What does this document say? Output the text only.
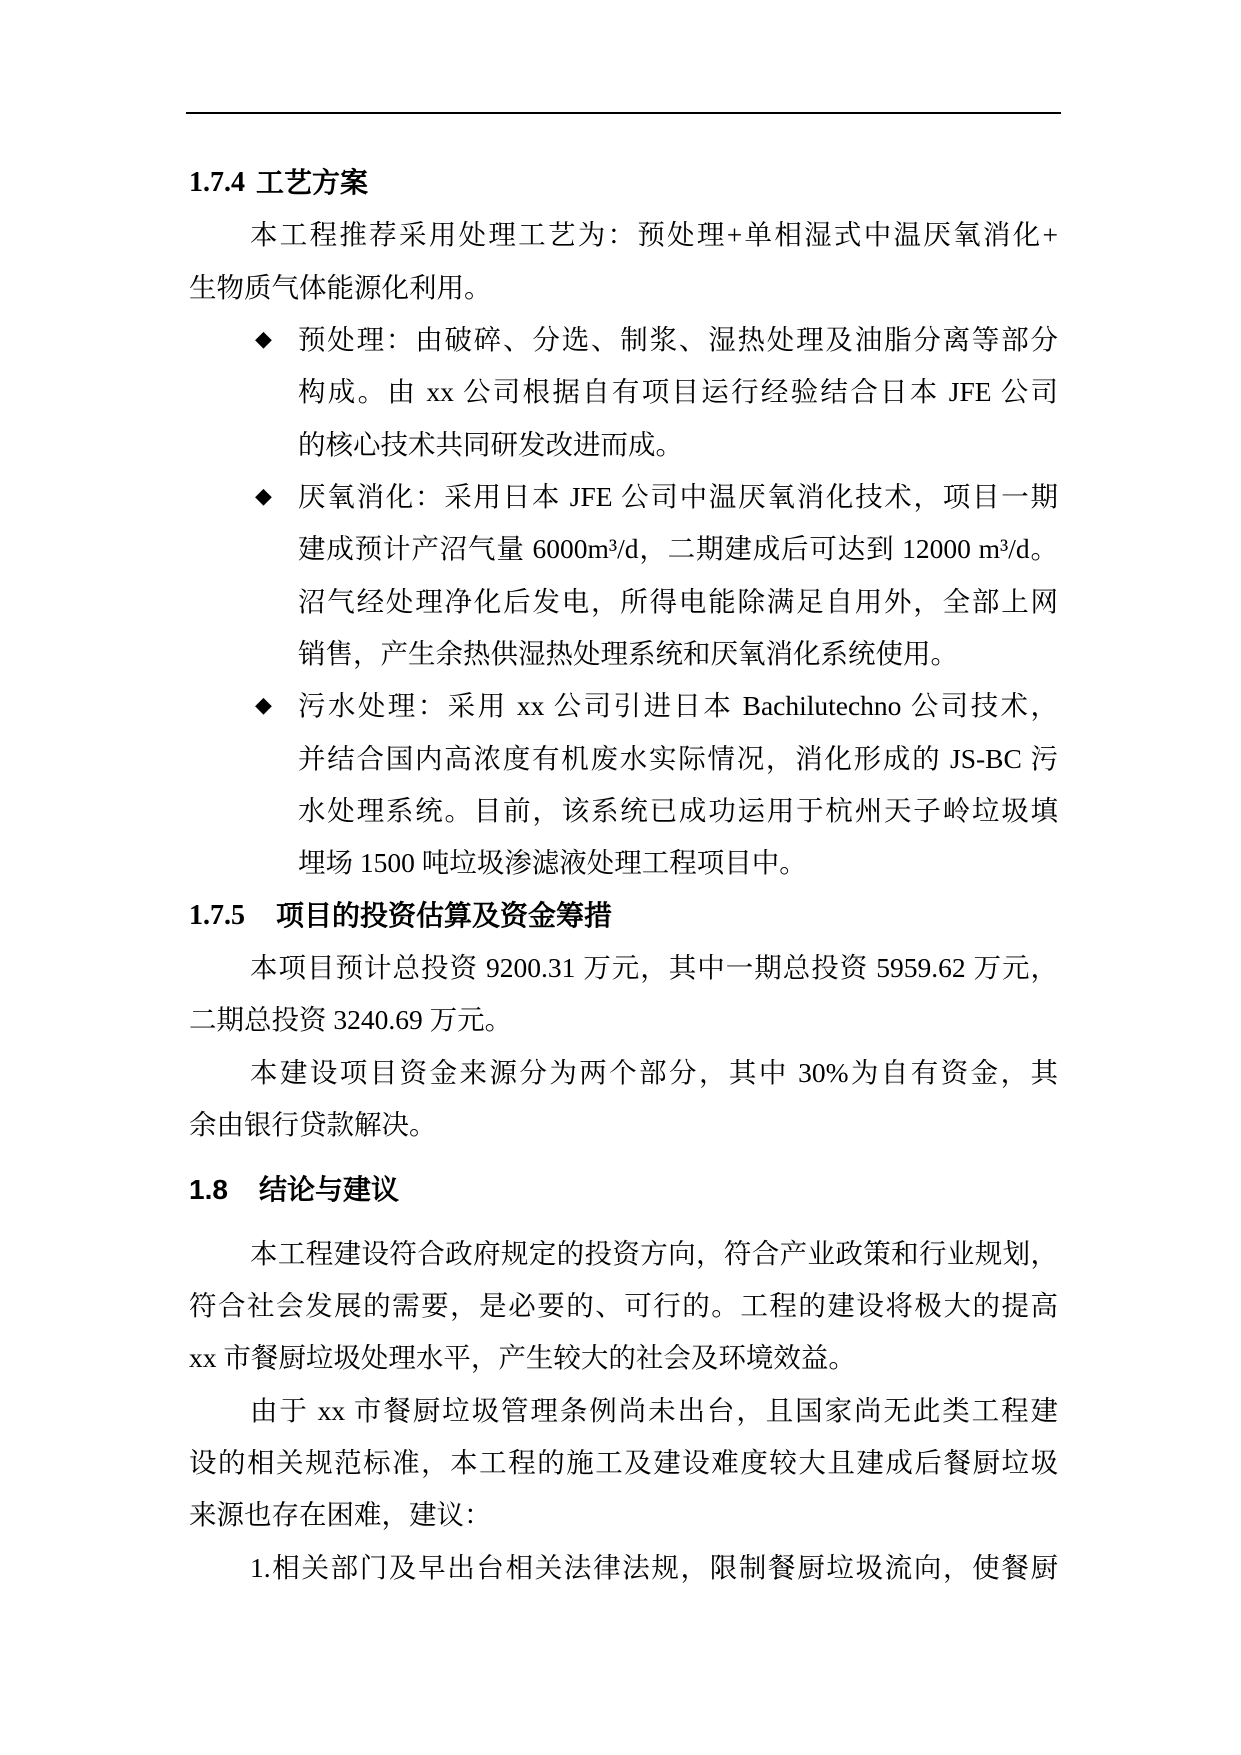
1.7.4 工艺方案
本工程推荐采用处理工艺为：预处理+单相湿式中温厌氧消化+
生物质气体能源化利用。
◆ 预处理：由破碎、分选、制浆、湿热处理及油脂分离等部分
构成。由 xx 公司根据自有项目运行经验结合日本 JFE 公司
的核心技术共同研发改进而成。
◆ 厌氧消化：采用日本 JFE 公司中温厌氧消化技术，项目一期
建成预计产沼气量 6000m³/d，二期建成后可达到 12000 m³/d。
沼气经处理净化后发电，所得电能除满足自用外，全部上网
销售，产生余热供湿热处理系统和厌氧消化系统使用。
◆ 污水处理：采用 xx 公司引进日本 Bachilutechno 公司技术，
并结合国内高浓度有机废水实际情况，消化形成的 JS-BC 污
水处理系统。目前，该系统已成功运用于杭州天子岭垃圾填
埋场 1500 吨垃圾渗滤液处理工程项目中。
1.7.5 项目的投资估算及资金筹措
本项目预计总投资 9200.31 万元，其中一期总投资 5959.62 万元，
二期总投资 3240.69 万元。
本建设项目资金来源分为两个部分，其中 30%为自有资金，其
余由银行贷款解决。
1.8 结论与建议
本工程建设符合政府规定的投资方向，符合产业政策和行业规划，
符合社会发展的需要，是必要的、可行的。工程的建设将极大的提高
xx 市餐厨垃圾处理水平，产生较大的社会及环境效益。
由于 xx 市餐厨垃圾管理条例尚未出台，且国家尚无此类工程建
设的相关规范标准，本工程的施工及建设难度较大且建成后餐厨垃圾
来源也存在困难，建议：
1.相关部门及早出台相关法律法规，限制餐厨垃圾流向，使餐厨
